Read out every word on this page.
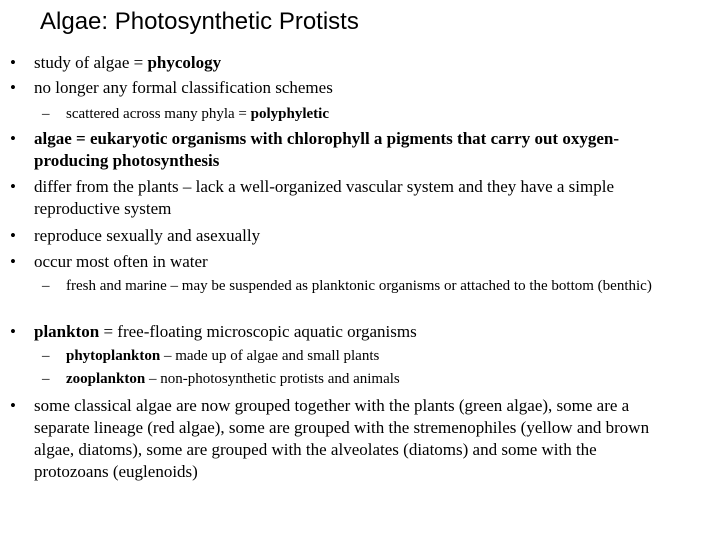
Algae: Photosynthetic Protists
•	study of algae = phycology
•	no longer any formal classification schemes
–	scattered across many phyla = polyphyletic
•	algae = eukaryotic organisms with chlorophyll a pigments that carry out oxygen-producing photosynthesis
•	differ from the plants – lack a well-organized vascular system and they have a simple reproductive system
•	reproduce sexually and asexually
•	occur most often in water
–	fresh and marine – may be suspended as planktonic organisms or attached to the bottom (benthic)
•	plankton = free-floating microscopic aquatic organisms
–	phytoplankton – made up of algae and small plants
–	zooplankton – non-photosynthetic protists and animals
•	some classical algae are now grouped together with the plants (green algae), some are a separate lineage (red algae), some are grouped with the stremenophiles (yellow and brown algae, diatoms), some are grouped with the alveolates (diatoms) and some with the protozoans (euglenoids)
